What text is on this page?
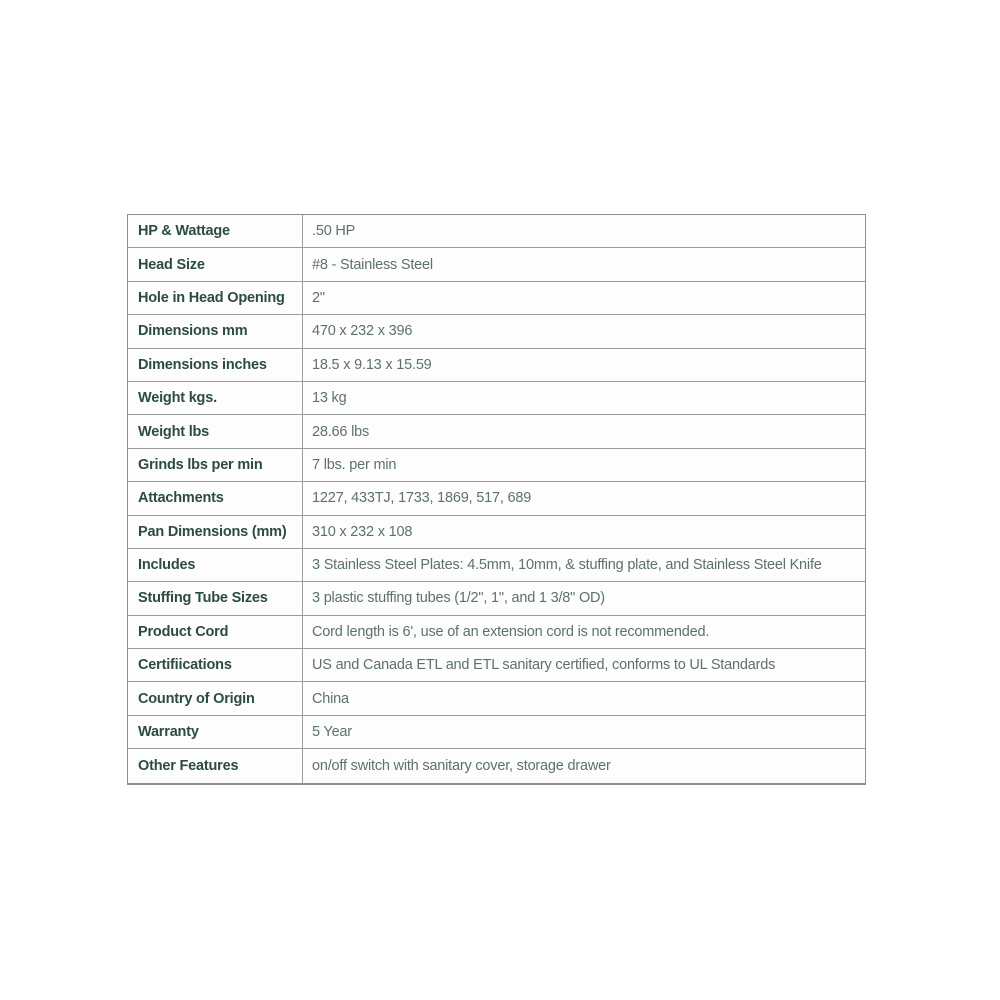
HP & Wattage	.50 HP
Head Size	#8 - Stainless Steel
Hole in Head Opening	2"
Dimensions mm	470 x 232 x 396
Dimensions inches	18.5 x 9.13 x 15.59
Weight kgs.	13 kg
Weight lbs	28.66 lbs
Grinds lbs per min	7 lbs. per min
Attachments	1227, 433TJ, 1733, 1869, 517, 689
Pan Dimensions (mm)	310 x 232 x 108
Includes	3 Stainless Steel Plates: 4.5mm, 10mm, & stuffing plate, and Stainless Steel Knife
Stuffing Tube Sizes	3 plastic stuffing tubes (1/2", 1", and 1 3/8" OD)
Product Cord	Cord length is 6', use of an extension cord is not recommended.
Certifiications	US and Canada ETL and ETL sanitary certified, conforms to UL Standards
Country of Origin	China
Warranty	5 Year
Other Features	on/off switch with sanitary cover, storage drawer
